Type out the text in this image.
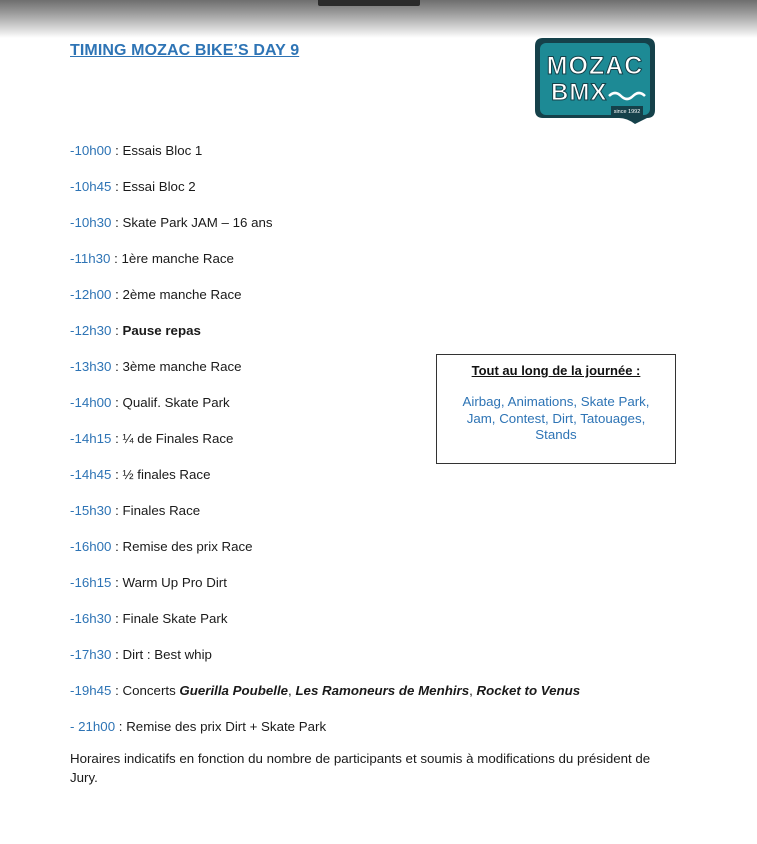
TIMING MOZAC BIKE’S DAY 9
MOZAC
BMX
since 1992
-10h00 : Essais Bloc 1
-10h45 : Essai Bloc 2
-10h30 : Skate Park JAM – 16 ans
-11h30 : 1ère manche Race
-12h00 : 2ème manche Race
-12h30 : Pause repas
-13h30 : 3ème manche Race
-14h00 : Qualif. Skate Park
-14h15 : ¼ de Finales Race
-14h45 : ½ finales Race
-15h30 : Finales Race
-16h00 : Remise des prix Race
-16h15 : Warm Up Pro Dirt
-16h30 : Finale Skate Park
-17h30 : Dirt : Best whip
-19h45 : Concerts Guerilla Poubelle, Les Ramoneurs de Menhirs, Rocket to Venus
- 21h00 : Remise des prix Dirt + Skate Park
Tout au long de la journée :
Airbag, Animations, Skate Park, Jam, Contest, Dirt, Tatouages, Stands
Horaires indicatifs en fonction du nombre de participants et soumis à modifications du président de Jury.
